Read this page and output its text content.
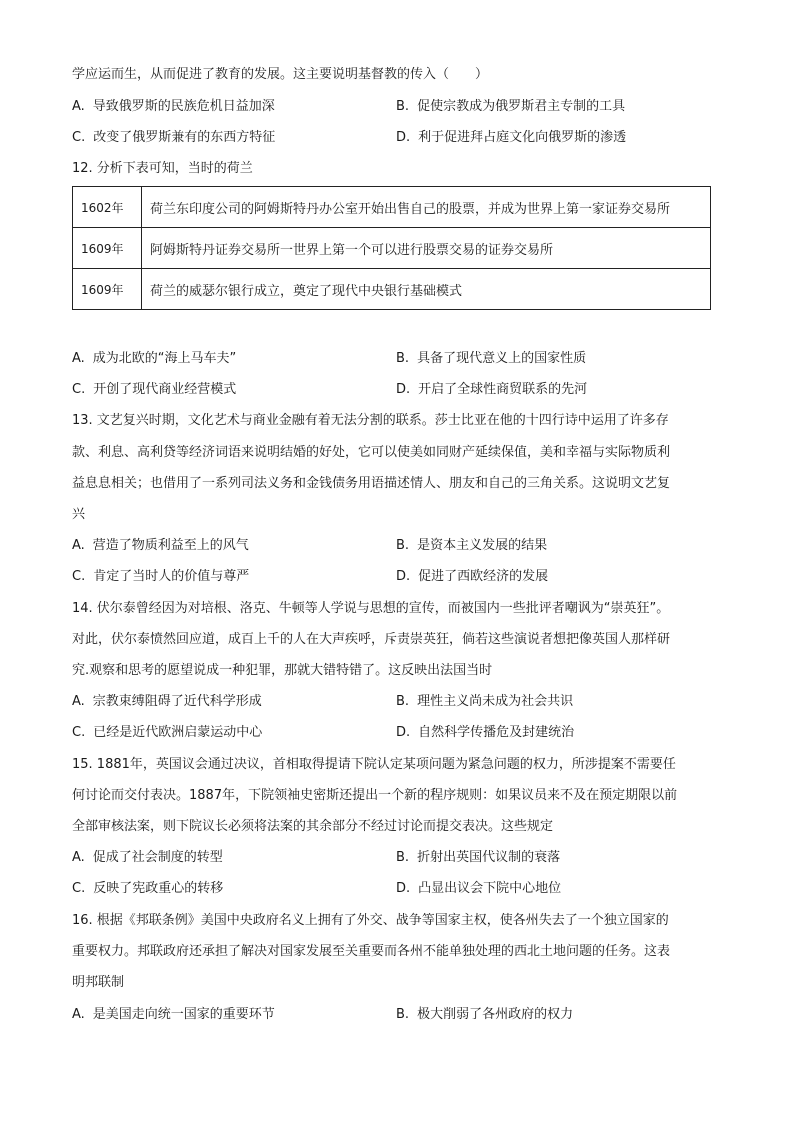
学应运而生，从而促进了教育的发展。这主要说明基督教的传入（　　）
A. 导致俄罗斯的民族危机日益加深	B. 促使宗教成为俄罗斯君主专制的工具
C. 改变了俄罗斯兼有的东西方特征	D. 利于促进拜占庭文化向俄罗斯的渗透
12. 分析下表可知，当时的荷兰
1602年	荷兰东印度公司的阿姆斯特丹办公室开始出售自己的股票，并成为世界上第一家证券交易所
1609年	阿姆斯特丹证券交易所一世界上第一个可以进行股票交易的证券交易所
1609年	荷兰的威瑟尔银行成立，奠定了现代中央银行基础模式
A. 成为北欧的“海上马车夫”	B. 具备了现代意义上的国家性质
C. 开创了现代商业经营模式	D. 开启了全球性商贸联系的先河
13. 文艺复兴时期，文化艺术与商业金融有着无法分割的联系。莎士比亚在他的十四行诗中运用了许多存
款、利息、高利贷等经济词语来说明结婚的好处，它可以使美如同财产延续保值，美和幸福与实际物质利
益息息相关；也借用了一系列司法义务和金钱债务用语描述情人、朋友和自己的三角关系。这说明文艺复
兴
A. 营造了物质利益至上的风气	B. 是资本主义发展的结果
C. 肯定了当时人的价值与尊严	D. 促进了西欧经济的发展
14. 伏尔泰曾经因为对培根、洛克、牛顿等人学说与思想的宣传，而被国内一些批评者嘲讽为“崇英狂”。
对此，伏尔泰愤然回应道，成百上千的人在大声疾呼，斥责崇英狂，倘若这些演说者想把像英国人那样研
究.观察和思考的愿望说成一种犯罪，那就大错特错了。这反映出法国当时
A. 宗教束缚阻碍了近代科学形成	B. 理性主义尚未成为社会共识
C. 已经是近代欧洲启蒙运动中心	D. 自然科学传播危及封建统治
15. 1881年，英国议会通过决议，首相取得提请下院认定某项问题为紧急问题的权力，所涉提案不需要任
何讨论而交付表决。1887年，下院领袖史密斯还提出一个新的程序规则：如果议员来不及在预定期限以前
全部审核法案，则下院议长必须将法案的其余部分不经过讨论而提交表决。这些规定
A. 促成了社会制度的转型	B. 折射出英国代议制的衰落
C. 反映了宪政重心的转移	D. 凸显出议会下院中心地位
16. 根据《邦联条例》美国中央政府名义上拥有了外交、战争等国家主权，使各州失去了一个独立国家的
重要权力。邦联政府还承担了解决对国家发展至关重要而各州不能单独处理的西北土地问题的任务。这表
明邦联制
A. 是美国走向统一国家的重要环节	B. 极大削弱了各州政府的权力
